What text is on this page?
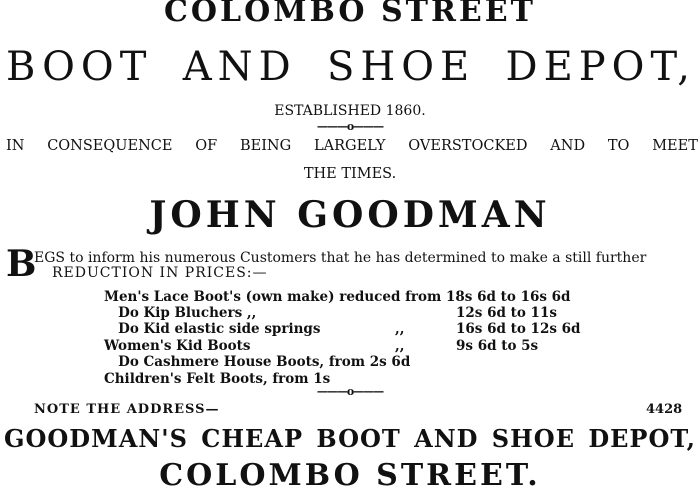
COLOMBO STREET
BOOT AND SHOE DEPOT,
ESTABLISHED 1860.
———o———
IN CONSEQUENCE OF BEING LARGELY OVERSTOCKED AND TO MEET
THE TIMES.
JOHN GOODMAN
B
EGS to inform his numerous Customers that he has determined to make a still further
REDUCTION IN PRICES:—
Men's Lace Boot's (own make) reduced from 18s 6d to 16s 6d
Do Kip Bluchers ,,	12s 6d to 11s
Do Kid elastic side springs	,,	16s 6d to 12s 6d
Women's Kid Boots	,,	9s 6d to 5s
Do Cashmere House Boots, from 2s 6d
Children's Felt Boots, from 1s
———o———
NOTE THE ADDRESS—	4428
GOODMAN'S CHEAP BOOT AND SHOE DEPOT,
COLOMBO STREET.
